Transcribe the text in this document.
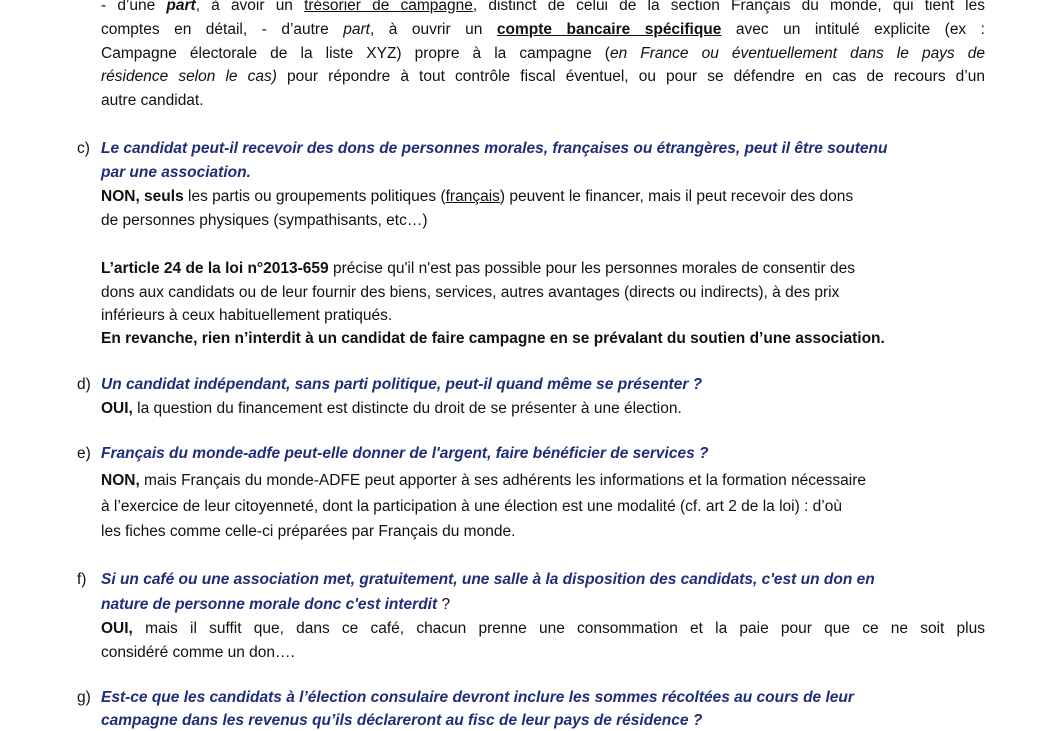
- d’une part, à avoir un trésorier de campagne, distinct de celui de la section Français du monde, qui tient les
comptes en détail, - d’autre part, à ouvrir un compte bancaire spécifique avec un intitulé explicite (ex :
Campagne électorale de la liste XYZ) propre à la campagne (en France ou éventuellement dans le pays de
résidence selon le cas) pour répondre à tout contrôle fiscal éventuel, ou pour se défendre en cas de recours d’un
autre candidat.
c) Le candidat peut-il recevoir des dons de personnes morales, françaises ou étrangères, peut il être soutenu
par une association.
NON, seuls les partis ou groupements politiques (français) peuvent le financer, mais il peut recevoir des dons
de personnes physiques (sympathisants, etc…)
L’article 24 de la loi n°2013-659 précise qu'il n'est pas possible pour les personnes morales de consentir des
dons aux candidats ou de leur fournir des biens, services, autres avantages (directs ou indirects), à des prix
inférieurs à ceux habituellement pratiqués.
En revanche, rien n’interdit à un candidat de faire campagne en se prévalant du soutien d’une association.
d) Un candidat indépendant, sans parti politique, peut-il quand même se présenter ?
OUI, la question du financement est distincte du droit de se présenter à une élection.
e) Français du monde-adfe peut-elle donner de l'argent, faire bénéficier de services ?
NON, mais Français du monde-ADFE peut apporter à ses adhérents les informations et la formation nécessaire
à l’exercice de leur citoyenneté, dont la participation à une élection est une modalité (cf. art 2 de la loi) : d’où
les fiches comme celle-ci préparées par Français du monde.
f) Si un café ou une association met, gratuitement, une salle à la disposition des candidats, c'est un don en
nature de personne morale donc c'est interdit ?
OUI, mais il suffit que, dans ce café, chacun prenne une consommation et la paie pour que ce ne soit plus
considéré comme un don….
g) Est-ce que les candidats à l’élection consulaire devront inclure les sommes récoltées au cours de leur
campagne dans les revenus qu’ils déclareront au fisc de leur pays de résidence ?
